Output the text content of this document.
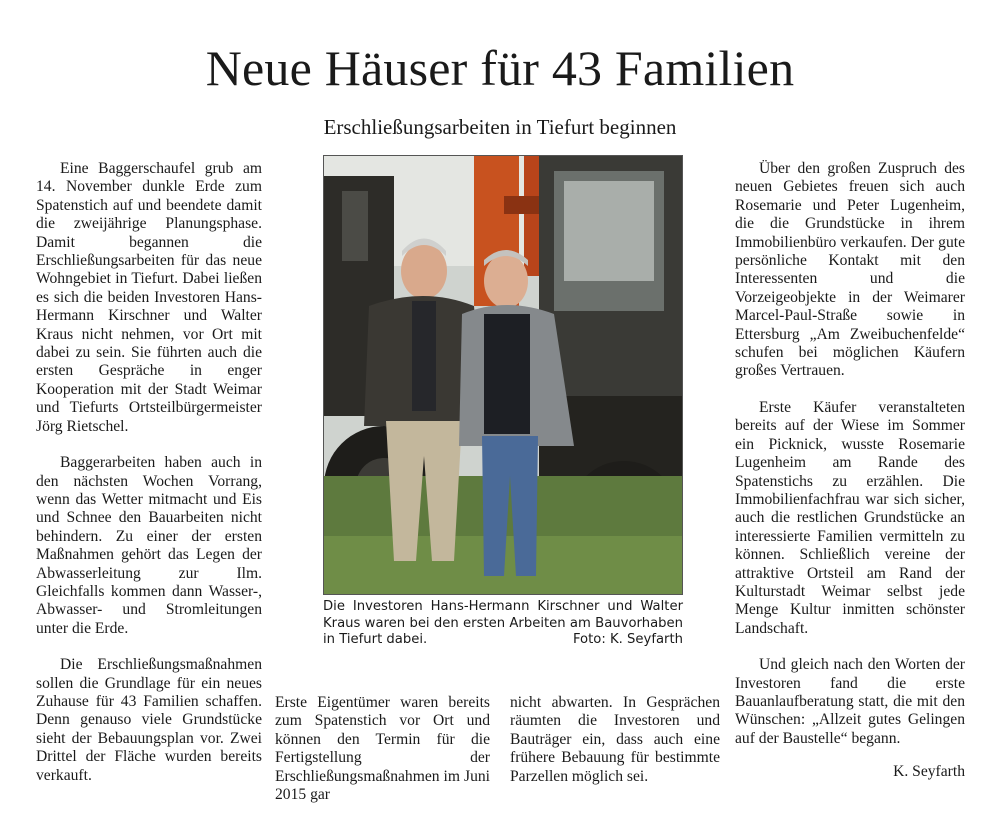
Neue Häuser für 43 Familien
Erschließungsarbeiten in Tiefurt beginnen

Eine Baggerschaufel grub am 14. November dunkle Erde zum Spatenstich auf und beendete damit die zweijährige Planungsphase. Damit begannen die Erschließungsarbeiten für das neue Wohngebiet in Tiefurt. Dabei ließen es sich die beiden Investoren Hans-Hermann Kirschner und Walter Kraus nicht nehmen, vor Ort mit dabei zu sein. Sie führten auch die ersten Gespräche in enger Kooperation mit der Stadt Weimar und Tiefurts Ortsteilbürgermeister Jörg Rietschel.

Baggerarbeiten haben auch in den nächsten Wochen Vorrang, wenn das Wetter mitmacht und Eis und Schnee den Bauarbeiten nicht behindern. Zu einer der ersten Maßnahmen gehört das Legen der Abwasserleitung zur Ilm. Gleichfalls kommen dann Wasser-, Abwasser- und Stromleitungen unter die Erde.

Die Erschließungsmaßnahmen sollen die Grundlage für ein neues Zuhause für 43 Familien schaffen. Denn genauso viele Grundstücke sieht der Bebauungsplan vor. Zwei Drittel der Fläche wurden bereits verkauft.

Die Investoren Hans-Hermann Kirschner und Walter Kraus waren bei den ersten Arbeiten am Bauvorhaben in Tiefurt dabei.	Foto: K. Seyfarth
Erste Eigentümer waren bereits zum Spatenstich vor Ort und können den Termin für die Fertigstellung der Erschließungsmaßnahmen im Juni 2015 gar
nicht abwarten. In Gesprächen räumten die Investoren und Bauträger ein, dass auch eine frühere Bebauung für bestimmte Parzellen möglich sei.

Über den großen Zuspruch des neuen Gebietes freuen sich auch Rosemarie und Peter Lugenheim, die die Grundstücke in ihrem Immobilienbüro verkaufen. Der gute persönliche Kontakt mit den Interessenten und die Vorzeigeobjekte in der Weimarer Marcel-Paul-Straße sowie in Ettersburg „Am Zweibuchenfelde“ schufen bei möglichen Käufern großes Vertrauen.

Erste Käufer veranstalteten bereits auf der Wiese im Sommer ein Picknick, wusste Rosemarie Lugenheim am Rande des Spatenstichs zu erzählen. Die Immobilienfachfrau war sich sicher, auch die restlichen Grundstücke an interessierte Familien vermitteln zu können. Schließlich vereine der attraktive Ortsteil am Rand der Kulturstadt Weimar selbst jede Menge Kultur inmitten schönster Landschaft.

Und gleich nach den Worten der Investoren fand die erste Bauanlaufberatung statt, die mit den Wünschen: „Allzeit gutes Gelingen auf der Baustelle“ begann.

K. Seyfarth
